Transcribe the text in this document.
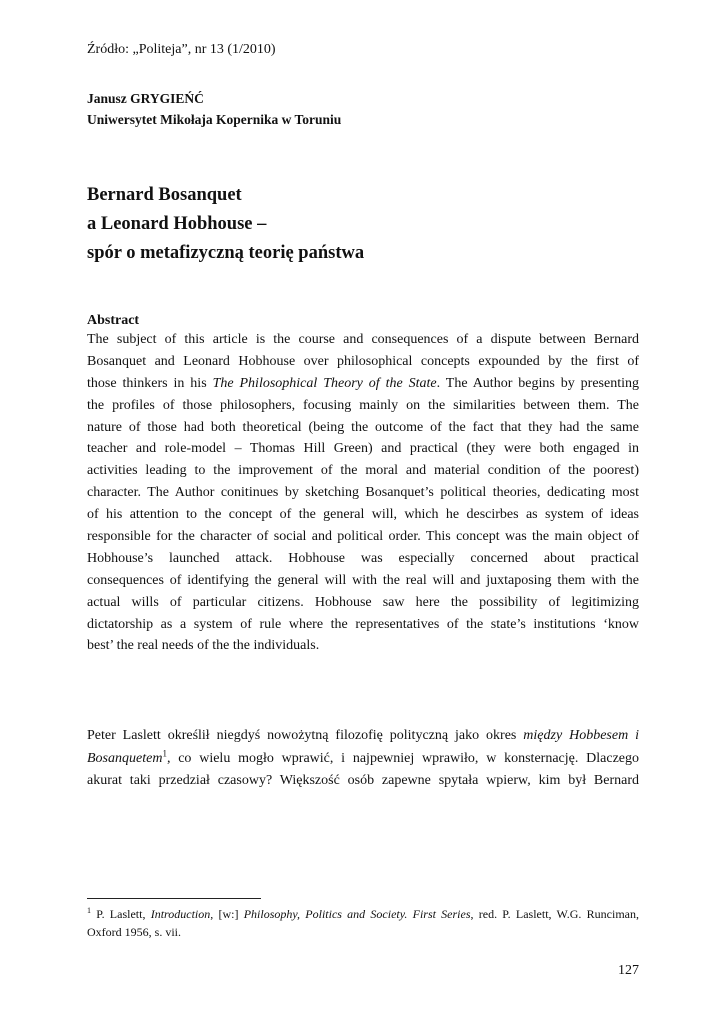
Źródło: „Politeja”, nr 13 (1/2010)
Janusz GRYGIEŃĆ
Uniwersytet Mikołaja Kopernika w Toruniu
Bernard Bosanquet
a Leonard Hobhouse –
spór o metafizyczną teorię państwa
Abstract
The subject of this article is the course and consequences of a dispute between Bernard
Bosanquet and Leonard Hobhouse over philosophical concepts expounded by the first of
those thinkers in his The Philosophical Theory of the State. The Author begins by presenting
the profiles of those philosophers, focusing mainly on the similarities between them. The
nature of those had both theoretical (being the outcome of the fact that they had the same
teacher and role-model – Thomas Hill Green) and practical (they were both engaged in
activities leading to the improvement of the moral and material condition of the poorest)
character. The Author conitinues by sketching Bosanquet’s political theories, dedicating most
of his attention to the concept of the general will, which he descirbes as system of ideas
responsible for the character of social and political order. This concept was the main object of
Hobhouse’s launched attack. Hobhouse was especially concerned about practical
consequences of identifying the general will with the real will and juxtaposing them with the
actual wills of particular citizens. Hobhouse saw here the possibility of legitimizing
dictatorship as a system of rule where the representatives of the state’s institutions ‘know
best’ the real needs of the the individuals.
Peter Laslett określił niegdyś nowożytną filozofię polityczną jako okres między Hobbesem i
Bosanquetem$^1$, co wielu mogło wprawić, i najpewniej wprawiło, w konsternację. Dlaczego
akurat taki przedział czasowy? Większość osób zapewne spytała wpierw, kim był Bernard
$^1$ P. Laslett, Introduction, [w:] Philosophy, Politics and Society. First Series, red. P. Laslett, W.G. Runciman,
Oxford 1956, s. vii.
127
